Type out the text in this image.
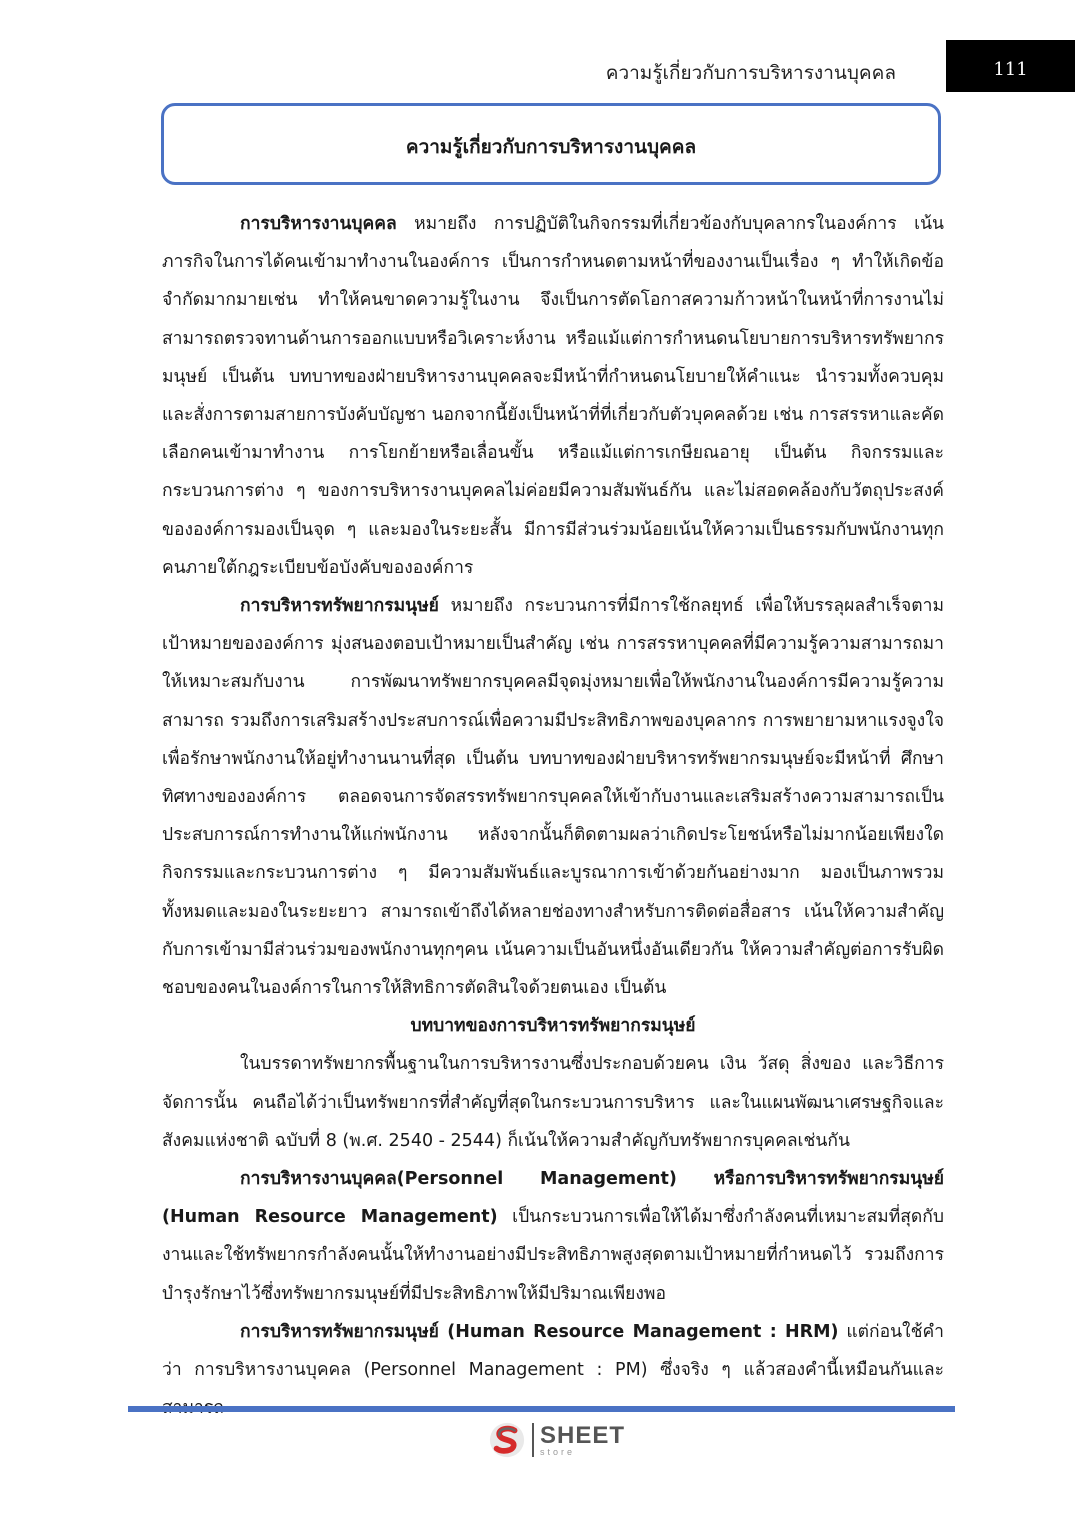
ความรู้เกี่ยวกับการบริหารงานบุคคล	111
ความรู้เกี่ยวกับการบริหารงานบุคคล

การบริหารงานบุคคล หมายถึง การปฏิบัติในกิจกรรมที่เกี่ยวข้องกับบุคลากรในองค์การ เน้นภารกิจในการได้คนเข้ามาทำงานในองค์การ เป็นการกำหนดตามหน้าที่ของงานเป็นเรื่อง ๆ ทำให้เกิดข้อจำกัดมากมายเช่น ทำให้คนขาดความรู้ในงาน จึงเป็นการตัดโอกาสความก้าวหน้าในหน้าที่การงานไม่สามารถตรวจทานด้านการออกแบบหรือวิเคราะห์งาน หรือแม้แต่การกำหนดนโยบายการบริหารทรัพยากรมนุษย์ เป็นต้น บทบาทของฝ่ายบริหารงานบุคคลจะมีหน้าที่กำหนดนโยบายให้คำแนะ นำรวมทั้งควบคุมและสั่งการตามสายการบังคับบัญชา นอกจากนี้ยังเป็นหน้าที่ที่เกี่ยวกับตัวบุคคลด้วย เช่น การสรรหาและคัดเลือกคนเข้ามาทำงาน การโยกย้ายหรือเลื่อนขั้น หรือแม้แต่การเกษียณอายุ เป็นต้น กิจกรรมและกระบวนการต่าง ๆ ของการบริหารงานบุคคลไม่ค่อยมีความสัมพันธ์กัน และไม่สอดคล้องกับวัตถุประสงค์ขององค์การมองเป็นจุด ๆ และมองในระยะสั้น มีการมีส่วนร่วมน้อยเน้นให้ความเป็นธรรมกับพนักงานทุกคนภายใต้กฎระเบียบข้อบังคับขององค์การ

การบริหารทรัพยากรมนุษย์ หมายถึง กระบวนการที่มีการใช้กลยุทธ์ เพื่อให้บรรลุผลสำเร็จตามเป้าหมายขององค์การ มุ่งสนองตอบเป้าหมายเป็นสำคัญ เช่น การสรรหาบุคคลที่มีความรู้ความสามารถมาให้เหมาะสมกับงาน การพัฒนาทรัพยากรบุคคลมีจุดมุ่งหมายเพื่อให้พนักงานในองค์การมีความรู้ความสามารถ รวมถึงการเสริมสร้างประสบการณ์เพื่อความมีประสิทธิภาพของบุคลากร การพยายามหาแรงจูงใจเพื่อรักษาพนักงานให้อยู่ทำงานนานที่สุด เป็นต้น บทบาทของฝ่ายบริหารทรัพยากรมนุษย์จะมีหน้าที่ ศึกษาทิศทางขององค์การ ตลอดจนการจัดสรรทรัพยากรบุคคลให้เข้ากับงานและเสริมสร้างความสามารถเป็นประสบการณ์การทำงานให้แก่พนักงาน หลังจากนั้นก็ติดตามผลว่าเกิดประโยชน์หรือไม่มากน้อยเพียงใด กิจกรรมและกระบวนการต่าง ๆ มีความสัมพันธ์และบูรณาการเข้าด้วยกันอย่างมาก มองเป็นภาพรวมทั้งหมดและมองในระยะยาว สามารถเข้าถึงได้หลายช่องทางสำหรับการติดต่อสื่อสาร เน้นให้ความสำคัญกับการเข้ามามีส่วนร่วมของพนักงานทุกๆคน เน้นความเป็นอันหนึ่งอันเดียวกัน ให้ความสำคัญต่อการรับผิดชอบของคนในองค์การในการให้สิทธิการตัดสินใจด้วยตนเอง เป็นต้น

บทบาทของการบริหารทรัพยากรมนุษย์

ในบรรดาทรัพยากรพื้นฐานในการบริหารงานซึ่งประกอบด้วยคน เงิน วัสดุ สิ่งของ และวิธีการจัดการนั้น คนถือได้ว่าเป็นทรัพยากรที่สำคัญที่สุดในกระบวนการบริหาร และในแผนพัฒนาเศรษฐกิจและสังคมแห่งชาติ ฉบับที่ 8 (พ.ศ. 2540 - 2544) ก็เน้นให้ความสำคัญกับทรัพยากรบุคคลเช่นกัน

การบริหารงานบุคคล(Personnel Management) หรือการบริหารทรัพยากรมนุษย์ (Human Resource Management) เป็นกระบวนการเพื่อให้ได้มาซึ่งกำลังคนที่เหมาะสมที่สุดกับงานและใช้ทรัพยากรกำลังคนนั้นให้ทำงานอย่างมีประสิทธิภาพสูงสุดตามเป้าหมายที่กำหนดไว้ รวมถึงการบำรุงรักษาไว้ซึ่งทรัพยากรมนุษย์ที่มีประสิทธิภาพให้มีปริมาณเพียงพอ

การบริหารทรัพยากรมนุษย์ (Human Resource Management : HRM) แต่ก่อนใช้คำว่า การบริหารงานบุคคล (Personnel Management : PM) ซึ่งจริง ๆ แล้วสองคำนี้เหมือนกันและ

SHEET
store
